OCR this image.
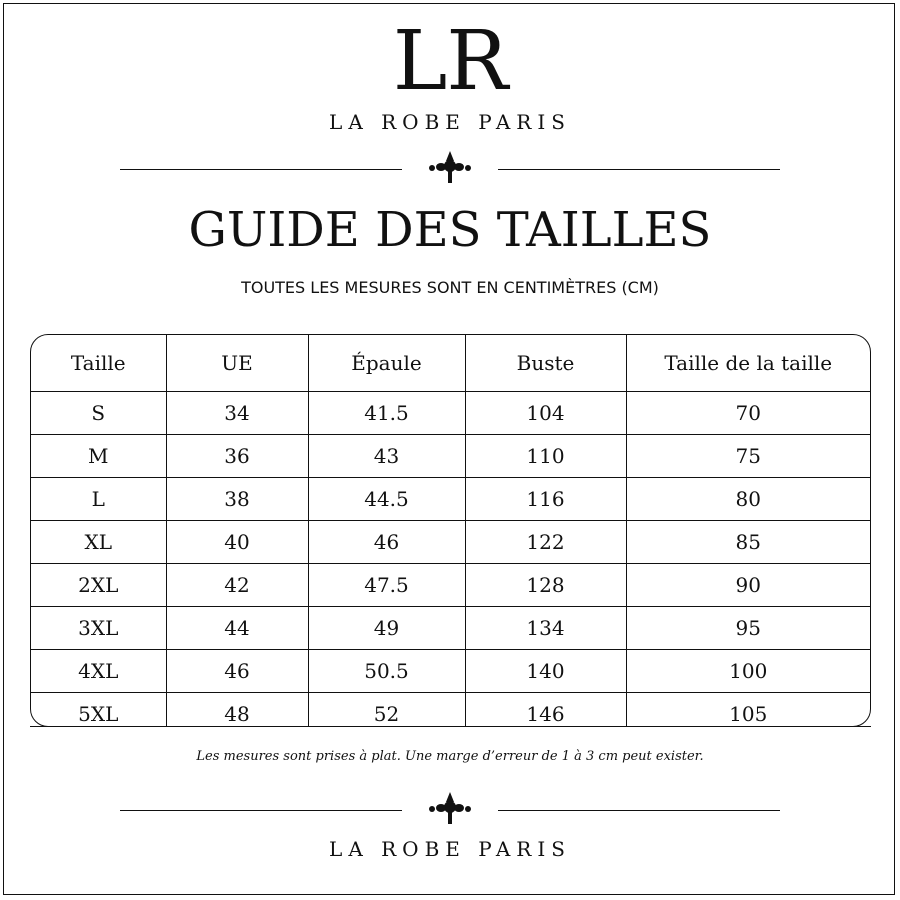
LR
LA ROBE PARIS
GUIDE DES TAILLES
TOUTES LES MESURES SONT EN CENTIMÈTRES (CM)
Taille	UE	Épaule	Buste	Taille de la taille
S	34	41.5	104	70
M	36	43	110	75
L	38	44.5	116	80
XL	40	46	122	85
2XL	42	47.5	128	90
3XL	44	49	134	95
4XL	46	50.5	140	100
5XL	48	52	146	105
Les mesures sont prises à plat. Une marge d’erreur de 1 à 3 cm peut exister.
LA ROBE PARIS
